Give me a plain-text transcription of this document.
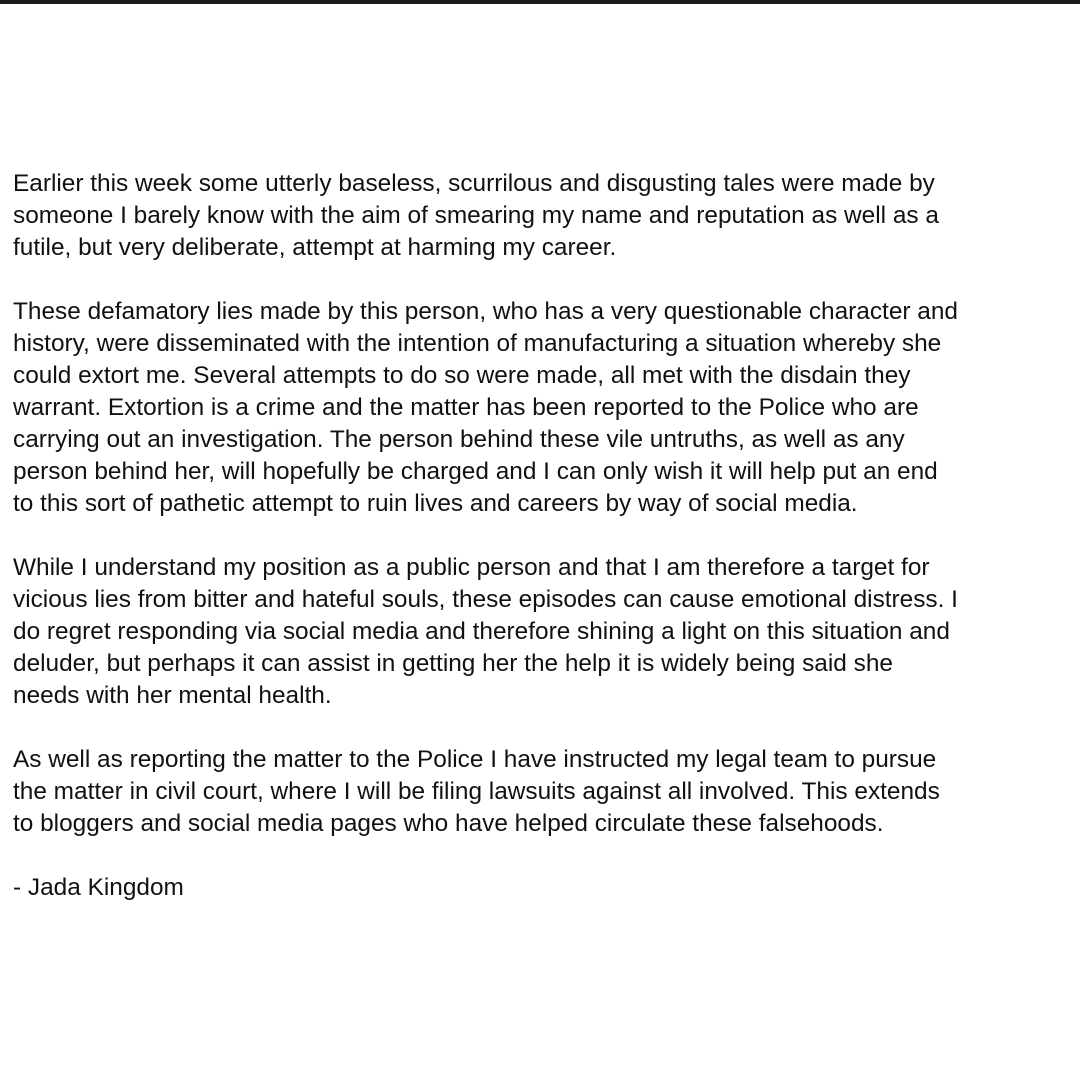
Earlier this week some utterly baseless, scurrilous and disgusting tales were made by
someone I barely know with the aim of smearing my name and reputation as well as a
futile, but very deliberate, attempt at harming my career.

These defamatory lies made by this person, who has a very questionable character and
history, were disseminated with the intention of manufacturing a situation whereby she
could extort me. Several attempts to do so were made, all met with the disdain they
warrant. Extortion is a crime and the matter has been reported to the Police who are
carrying out an investigation. The person behind these vile untruths, as well as any
person behind her, will hopefully be charged and I can only wish it will help put an end
to this sort of pathetic attempt to ruin lives and careers by way of social media.

While I understand my position as a public person and that I am therefore a target for
vicious lies from bitter and hateful souls, these episodes can cause emotional distress. I
do regret responding via social media and therefore shining a light on this situation and
deluder, but perhaps it can assist in getting her the help it is widely being said she
needs with her mental health.

As well as reporting the matter to the Police I have instructed my legal team to pursue
the matter in civil court, where I will be filing lawsuits against all involved. This extends
to bloggers and social media pages who have helped circulate these falsehoods.

- Jada Kingdom
